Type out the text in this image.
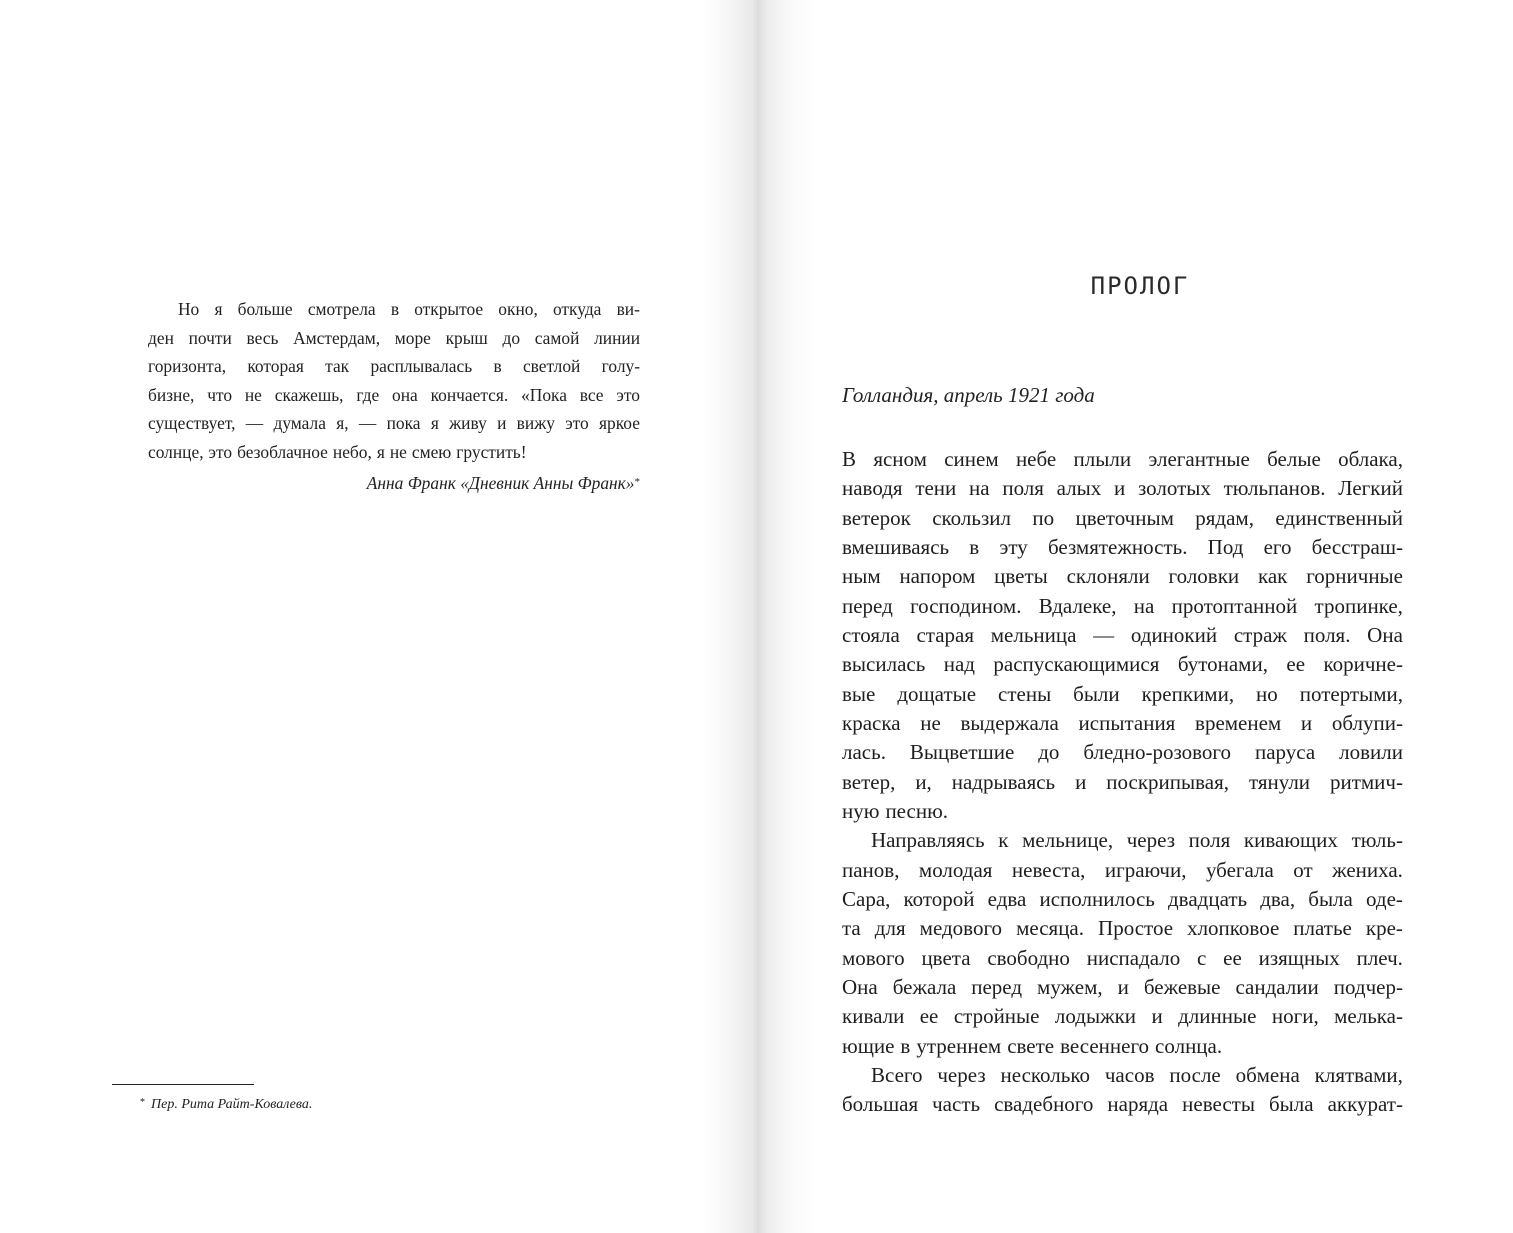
Но я больше смотрела в открытое окно, откуда ви-
ден почти весь Амстердам, море крыш до самой линии
горизонта, которая так расплывалась в светлой голу-
бизне, что не скажешь, где она кончается. «Пока все это
существует, — думала я, — пока я живу и вижу это яркое
солнце, это безоблачное небо, я не смею грустить!
Анна Франк «Дневник Анны Франк»*
* Пер. Рита Райт-Ковалева.
ПРОЛОГ
Голландия, апрель 1921 года
В ясном синем небе плыли элегантные белые облака,
наводя тени на поля алых и золотых тюльпанов. Легкий
ветерок скользил по цветочным рядам, единственный
вмешиваясь в эту безмятежность. Под его бесстраш-
ным напором цветы склоняли головки как горничные
перед господином. Вдалеке, на протоптанной тропинке,
стояла старая мельница — одинокий страж поля. Она
высилась над распускающимися бутонами, ее коричне-
вые дощатые стены были крепкими, но потертыми,
краска не выдержала испытания временем и облупи-
лась. Выцветшие до бледно-розового паруса ловили
ветер, и, надрываясь и поскрипывая, тянули ритмич-
ную песню.
Направляясь к мельнице, через поля кивающих тюль-
панов, молодая невеста, играючи, убегала от жениха.
Сара, которой едва исполнилось двадцать два, была оде-
та для медового месяца. Простое хлопковое платье кре-
мового цвета свободно ниспадало с ее изящных плеч.
Она бежала перед мужем, и бежевые сандалии подчер-
кивали ее стройные лодыжки и длинные ноги, мелька-
ющие в утреннем свете весеннего солнца.
Всего через несколько часов после обмена клятвами,
большая часть свадебного наряда невесты была аккурат-
